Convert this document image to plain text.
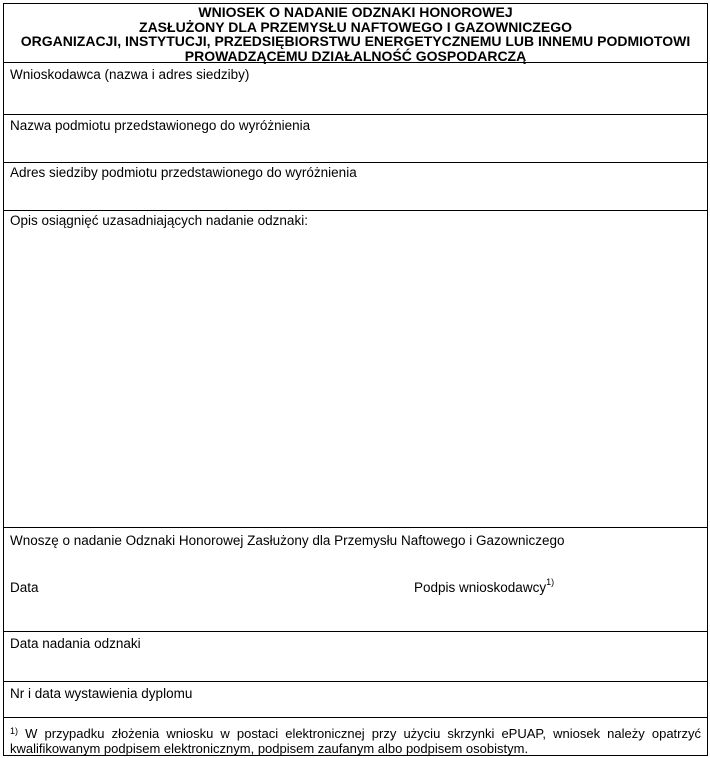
WNIOSEK O NADANIE ODZNAKI HONOROWEJ
ZASŁUŻONY DLA PRZEMYSŁU NAFTOWEGO I GAZOWNICZEGO
ORGANIZACJI, INSTYTUCJI, PRZEDSIĘBIORSTWU ENERGETYCZNEMU LUB INNEMU PODMIOTOWI
PROWADZĄCEMU DZIAŁALNOŚĆ GOSPODARCZĄ
Wnioskodawca (nazwa i adres siedziby)
Nazwa podmiotu przedstawionego do wyróżnienia
Adres siedziby podmiotu przedstawionego do wyróżnienia
Opis osiągnięć uzasadniających nadanie odznaki:
Wnoszę o nadanie Odznaki Honorowej Zasłużony dla Przemysłu Naftowego i Gazowniczego
Data	Podpis wnioskodawcy$^{1)}$
Data nadania odznaki
Nr i data wystawienia dyplomu
$^{1)}$ W przypadku złożenia wniosku w postaci elektronicznej przy użyciu skrzynki ePUAP, wniosek należy opatrzyć kwalifikowanym podpisem elektronicznym, podpisem zaufanym albo podpisem osobistym.
